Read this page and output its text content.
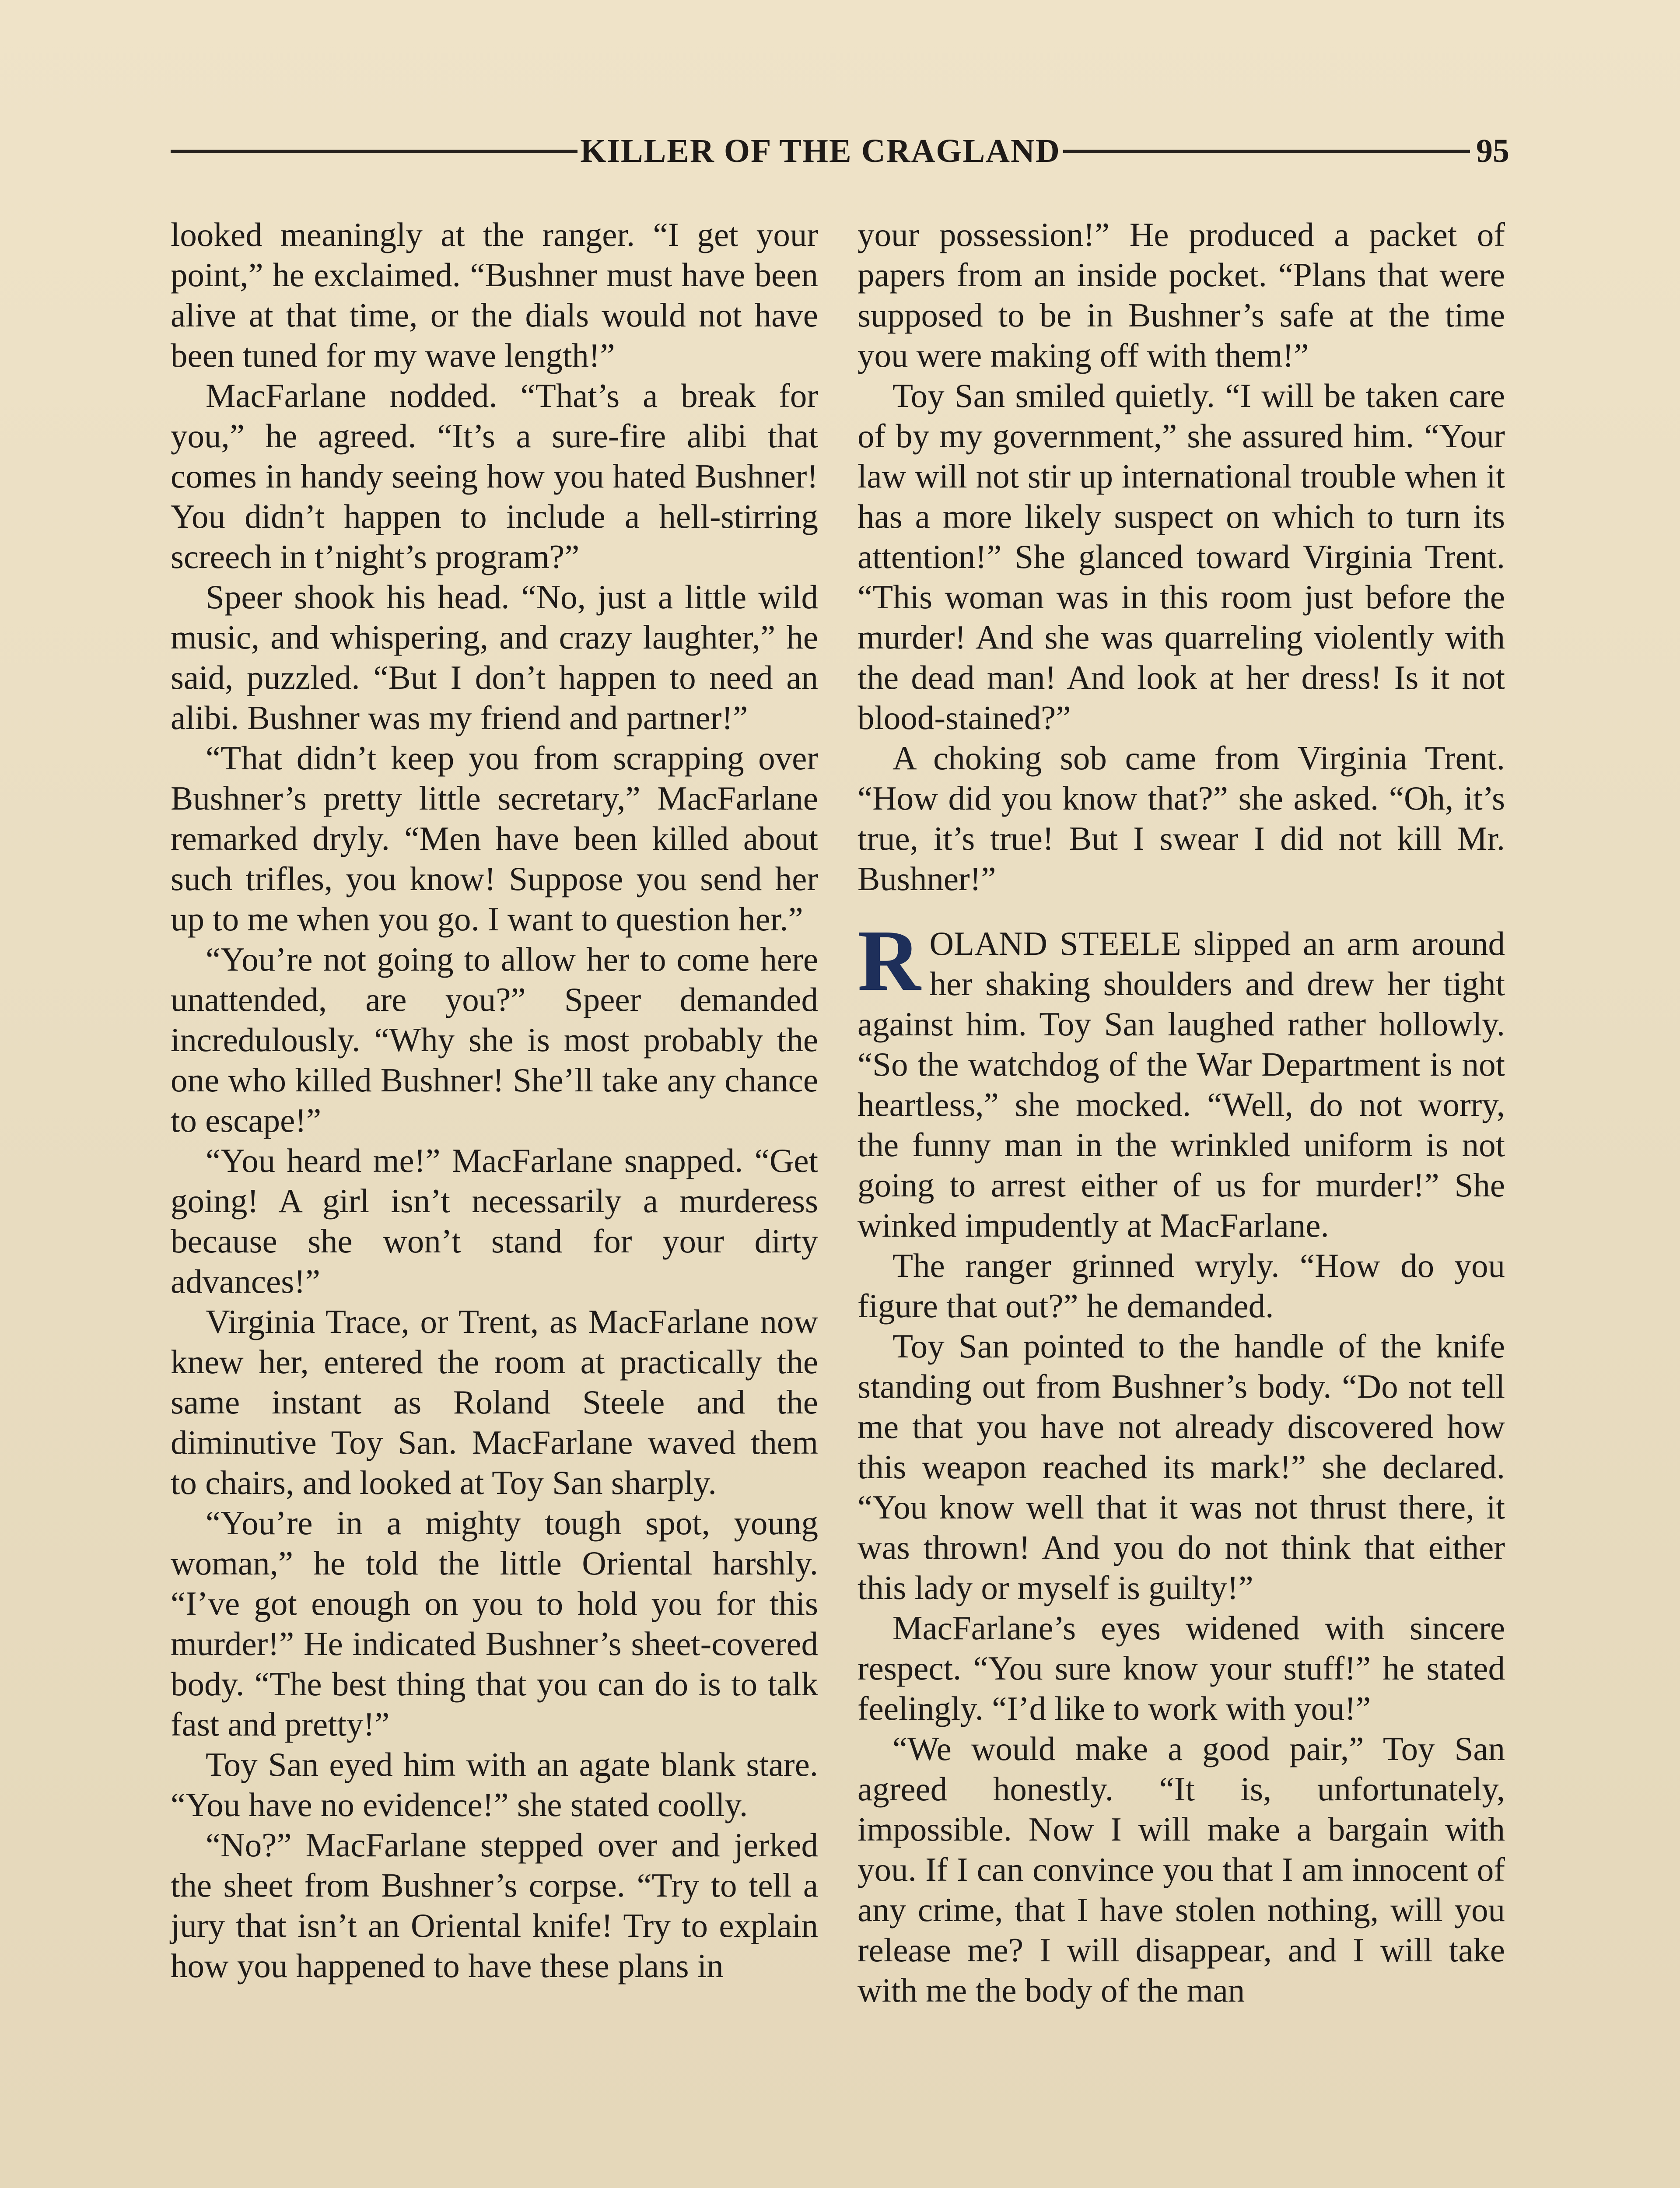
KILLER OF THE CRAGLAND	95

looked meaningly at the ranger. “I get your point,” he exclaimed. “Bushner must have been alive at that time, or the dials would not have been tuned for my wave length!”

MacFarlane nodded. “That’s a break for you,” he agreed. “It’s a sure-fire alibi that comes in handy seeing how you hated Bushner! You didn’t happen to include a hell-stirring screech in t’night’s program?”

Speer shook his head. “No, just a little wild music, and whispering, and crazy laughter,” he said, puzzled. “But I don’t happen to need an alibi. Bushner was my friend and partner!”

“That didn’t keep you from scrapping over Bushner’s pretty little secretary,” MacFarlane remarked dryly. “Men have been killed about such trifles, you know! Suppose you send her up to me when you go. I want to question her.”

“You’re not going to allow her to come here unattended, are you?” Speer demanded incredulously. “Why she is most probably the one who killed Bushner! She’ll take any chance to escape!”

“You heard me!” MacFarlane snapped. “Get going! A girl isn’t necessarily a murderess because she won’t stand for your dirty advances!”

Virginia Trace, or Trent, as MacFarlane now knew her, entered the room at practically the same instant as Roland Steele and the diminutive Toy San. MacFarlane waved them to chairs, and looked at Toy San sharply.

“You’re in a mighty tough spot, young woman,” he told the little Oriental harshly. “I’ve got enough on you to hold you for this murder!” He indicated Bushner’s sheet-covered body. “The best thing that you can do is to talk fast and pretty!”

Toy San eyed him with an agate blank stare. “You have no evidence!” she stated coolly.

“No?” MacFarlane stepped over and jerked the sheet from Bushner’s corpse. “Try to tell a jury that isn’t an Oriental knife! Try to explain how you happened to have these plans in

your possession!” He produced a packet of papers from an inside pocket. “Plans that were supposed to be in Bushner’s safe at the time you were making off with them!”

Toy San smiled quietly. “I will be taken care of by my government,” she assured him. “Your law will not stir up international trouble when it has a more likely suspect on which to turn its attention!” She glanced toward Virginia Trent. “This woman was in this room just before the murder! And she was quarreling violently with the dead man! And look at her dress! Is it not blood-stained?”

A choking sob came from Virginia Trent. “How did you know that?” she asked. “Oh, it’s true, it’s true! But I swear I did not kill Mr. Bushner!”

ROLAND STEELE slipped an arm around her shaking shoulders and drew her tight against him. Toy San laughed rather hollowly. “So the watchdog of the War Department is not heartless,” she mocked. “Well, do not worry, the funny man in the wrinkled uniform is not going to arrest either of us for murder!” She winked impudently at MacFarlane.

The ranger grinned wryly. “How do you figure that out?” he demanded.

Toy San pointed to the handle of the knife standing out from Bushner’s body. “Do not tell me that you have not already discovered how this weapon reached its mark!” she declared. “You know well that it was not thrust there, it was thrown! And you do not think that either this lady or myself is guilty!”

MacFarlane’s eyes widened with sincere respect. “You sure know your stuff!” he stated feelingly. “I’d like to work with you!”

“We would make a good pair,” Toy San agreed honestly. “It is, unfortunately, impossible. Now I will make a bargain with you. If I can convince you that I am innocent of any crime, that I have stolen nothing, will you release me? I will disappear, and I will take with me the body of the man
